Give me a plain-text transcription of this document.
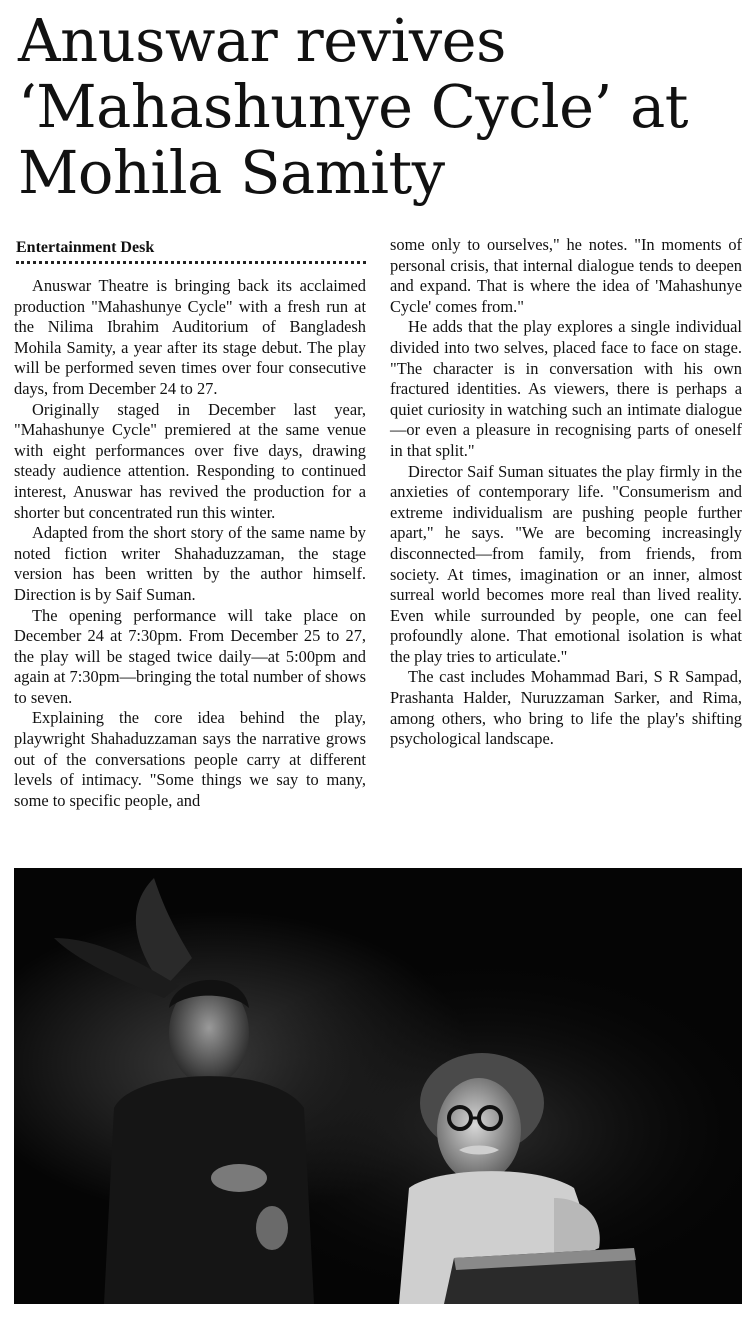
Anuswar revives ‘Mahashunye Cycle’ at Mohila Samity
Entertainment Desk

Anuswar Theatre is bringing back its acclaimed production "Mahashunye Cycle" with a fresh run at the Nilima Ibrahim Auditorium of Bangladesh Mohila Samity, a year after its stage debut. The play will be performed seven times over four consecutive days, from December 24 to 27.

Originally staged in December last year, "Mahashunye Cycle" premiered at the same venue with eight performances over five days, drawing steady audience attention. Responding to continued interest, Anuswar has revived the production for a shorter but concentrated run this winter.

Adapted from the short story of the same name by noted fiction writer Shahaduzzaman, the stage version has been written by the author himself. Direction is by Saif Suman.

The opening performance will take place on December 24 at 7:30pm. From December 25 to 27, the play will be staged twice daily—at 5:00pm and again at 7:30pm—bringing the total number of shows to seven.

Explaining the core idea behind the play, playwright Shahaduzzaman says the narrative grows out of the conversations people carry at different levels of intimacy. "Some things we say to many, some to specific people, and

some only to ourselves," he notes. "In moments of personal crisis, that internal dialogue tends to deepen and expand. That is where the idea of 'Mahashunye Cycle' comes from."

He adds that the play explores a single individual divided into two selves, placed face to face on stage. "The character is in conversation with his own fractured identities. As viewers, there is perhaps a quiet curiosity in watching such an intimate dialogue—or even a pleasure in recognising parts of oneself in that split."

Director Saif Suman situates the play firmly in the anxieties of contemporary life. "Consumerism and extreme individualism are pushing people further apart," he says. "We are becoming increasingly disconnected—from family, from friends, from society. At times, imagination or an inner, almost surreal world becomes more real than lived reality. Even while surrounded by people, one can feel profoundly alone. That emotional isolation is what the play tries to articulate."

The cast includes Mohammad Bari, S R Sampad, Prashanta Halder, Nuruzzaman Sarker, and Rima, among others, who bring to life the play's shifting psychological landscape.
